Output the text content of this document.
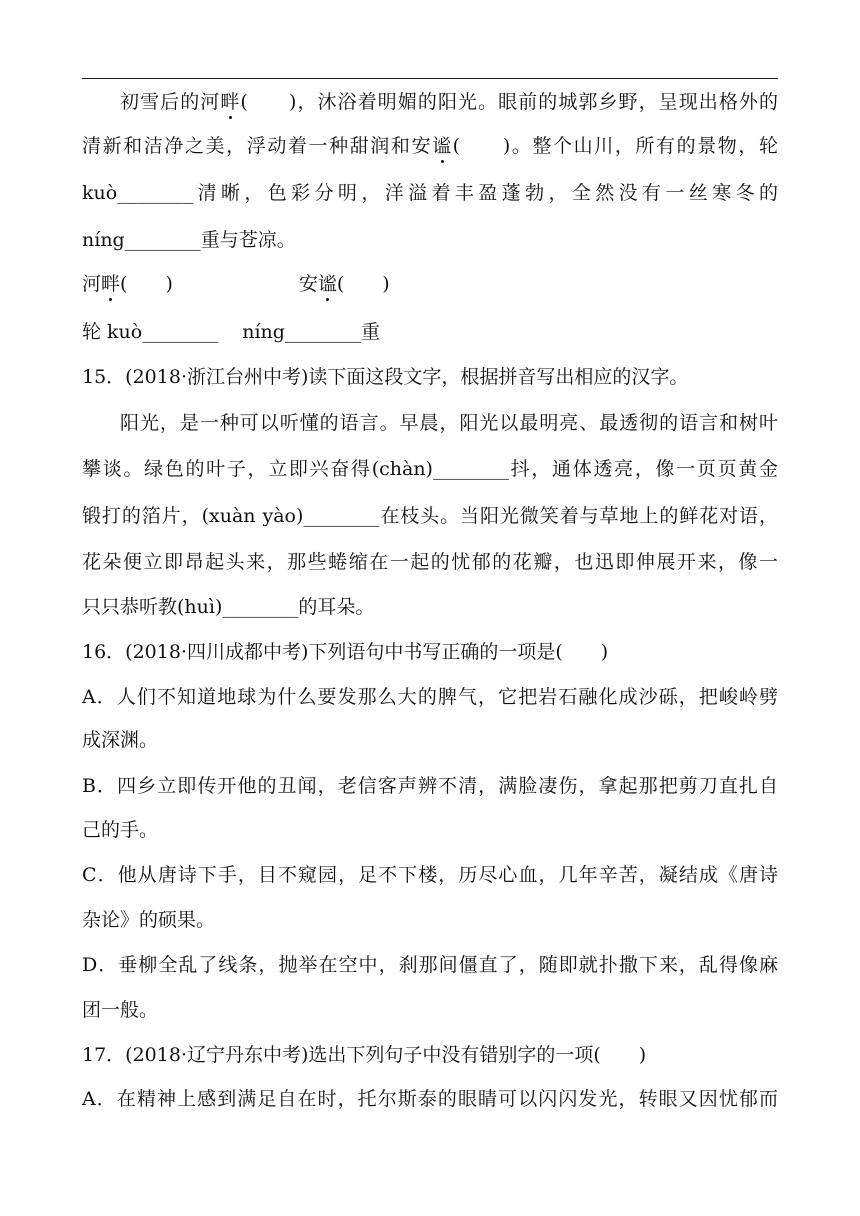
初雪后的河畔(　　)，沐浴着明媚的阳光。眼前的城郭乡野，呈现出格外的
清新和洁净之美，浮动着一种甜润和安谧(　　)。整个山川，所有的景物，轮
kuò________清晰，色彩分明，洋溢着丰盈蓬勃，全然没有一丝寒冬的
níng________重与苍凉。
河畔(　　)	安谧(　　)
轮 kuò________ níng________重
15．(2018·浙江台州中考)读下面这段文字，根据拼音写出相应的汉字。
阳光，是一种可以听懂的语言。早晨，阳光以最明亮、最透彻的语言和树叶
攀谈。绿色的叶子，立即兴奋得(chàn)________抖，通体透亮，像一页页黄金
锻打的箔片，(xuàn yào)________在枝头。当阳光微笑着与草地上的鲜花对语，
花朵便立即昂起头来，那些蜷缩在一起的忧郁的花瓣，也迅即伸展开来，像一
只只恭听教(huì)________的耳朵。
16．(2018·四川成都中考)下列语句中书写正确的一项是(　　)
A．人们不知道地球为什么要发那么大的脾气，它把岩石融化成沙砾，把峻岭劈
成深渊。
B．四乡立即传开他的丑闻，老信客声辨不清，满脸凄伤，拿起那把剪刀直扎自
己的手。
C．他从唐诗下手，目不窥园，足不下楼，历尽心血，几年辛苦，凝结成《唐诗
杂论》的硕果。
D．垂柳全乱了线条，抛举在空中，刹那间僵直了，随即就扑撒下来，乱得像麻
团一般。
17．(2018·辽宁丹东中考)选出下列句子中没有错别字的一项(　　)
A．在精神上感到满足自在时，托尔斯泰的眼睛可以闪闪发光，转眼又因忧郁而
